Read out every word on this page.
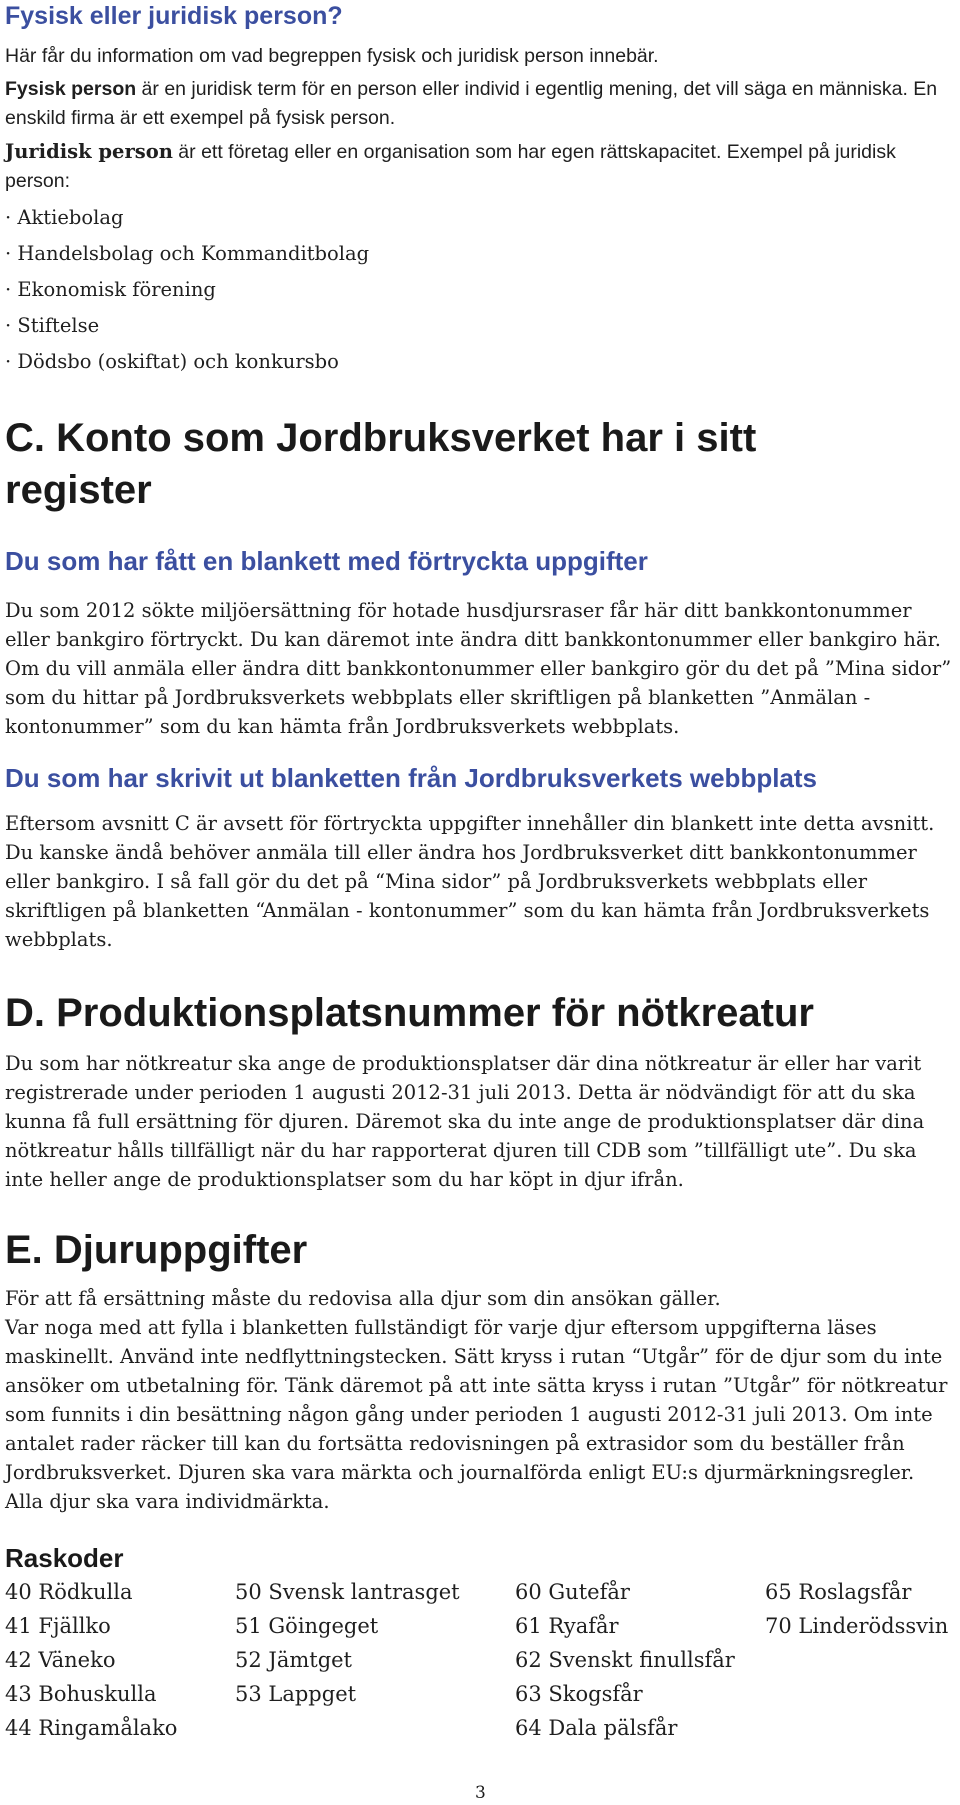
Fysisk eller juridisk person?

Här får du information om vad begreppen fysisk och juridisk person innebär.

Fysisk person är en juridisk term för en person eller individ i egentlig mening, det vill säga en människa. En enskild firma är ett exempel på fysisk person.

Juridisk person är ett företag eller en organisation som har egen rättskapacitet. Exempel på juridisk person:

· Aktiebolag
· Handelsbolag och Kommanditbolag
· Ekonomisk förening
· Stiftelse
· Dödsbo (oskiftat) och konkursbo
C. Konto som Jordbruksverket har i sitt register
Du som har fått en blankett med förtryckta uppgifter

Du som 2012 sökte miljöersättning för hotade husdjursraser får här ditt bankkontonummer eller bankgiro förtryckt. Du kan däremot inte ändra ditt bankkontonummer eller bankgiro här. Om du vill anmäla eller ändra ditt bankkontonummer eller bankgiro gör du det på ”Mina sidor” som du hittar på Jordbruksverkets webbplats eller skriftligen på blanketten ”Anmälan - kontonummer” som du kan hämta från Jordbruksverkets webbplats.

Du som har skrivit ut blanketten från Jordbruksverkets webbplats

Eftersom avsnitt C är avsett för förtryckta uppgifter innehåller din blankett inte detta avsnitt. Du kanske ändå behöver anmäla till eller ändra hos Jordbruksverket ditt bankkontonummer eller bankgiro. I så fall gör du det på “Mina sidor” på Jordbruksverkets webbplats eller skriftligen på blanketten “Anmälan - kontonummer” som du kan hämta från Jordbruksverkets webbplats.

D. Produktionsplatsnummer för nötkreatur

Du som har nötkreatur ska ange de produktionsplatser där dina nötkreatur är eller har varit registrerade under perioden 1 augusti 2012-31 juli 2013. Detta är nödvändigt för att du ska kunna få full ersättning för djuren. Däremot ska du inte ange de produktionsplatser där dina nötkreatur hålls tillfälligt när du har rapporterat djuren till CDB som ”tillfälligt ute”. Du ska inte heller ange de produktionsplatser som du har köpt in djur ifrån.

E. Djuruppgifter

För att få ersättning måste du redovisa alla djur som din ansökan gäller.

Var noga med att fylla i blanketten fullständigt för varje djur eftersom uppgifterna läses maskinellt. Använd inte nedflyttningstecken. Sätt kryss i rutan “Utgår” för de djur som du inte ansöker om utbetalning för. Tänk däremot på att inte sätta kryss i rutan ”Utgår” för nötkreatur som funnits i din besättning någon gång under perioden 1 augusti 2012-31 juli 2013. Om inte antalet rader räcker till kan du fortsätta redovisningen på extrasidor som du beställer från Jordbruksverket. Djuren ska vara märkta och journalförda enligt EU:s djurmärkningsregler. Alla djur ska vara individmärkta.

Raskoder
40 Rödkulla
41 Fjällko
42 Väneko
43 Bohuskulla
44 Ringamålako
50 Svensk lantrasget
51 Göingeget
52 Jämtget
53 Lappget
60 Gutefår
61 Ryafår
62 Svenskt finullsfår
63 Skogsfår
64 Dala pälsfår
65 Roslagsfår
70 Linderödssvin
3
